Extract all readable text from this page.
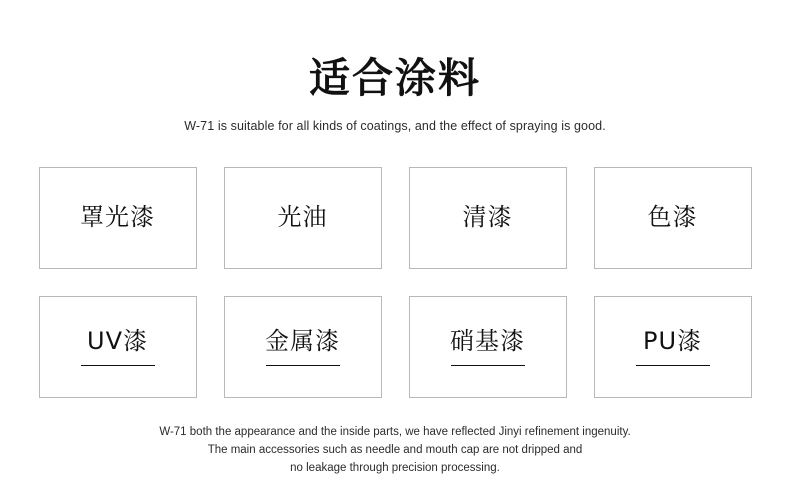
适合涂料

W-71 is suitable for all kinds of coatings, and the effect of spraying is good.

罩光漆	光油	清漆	色漆
UV漆	金属漆	硝基漆	PU漆
W-71 both the appearance and the inside parts, we have reflected Jinyi refinement ingenuity.
The main accessories such as needle and mouth cap are not dripped and
no leakage through precision processing.
